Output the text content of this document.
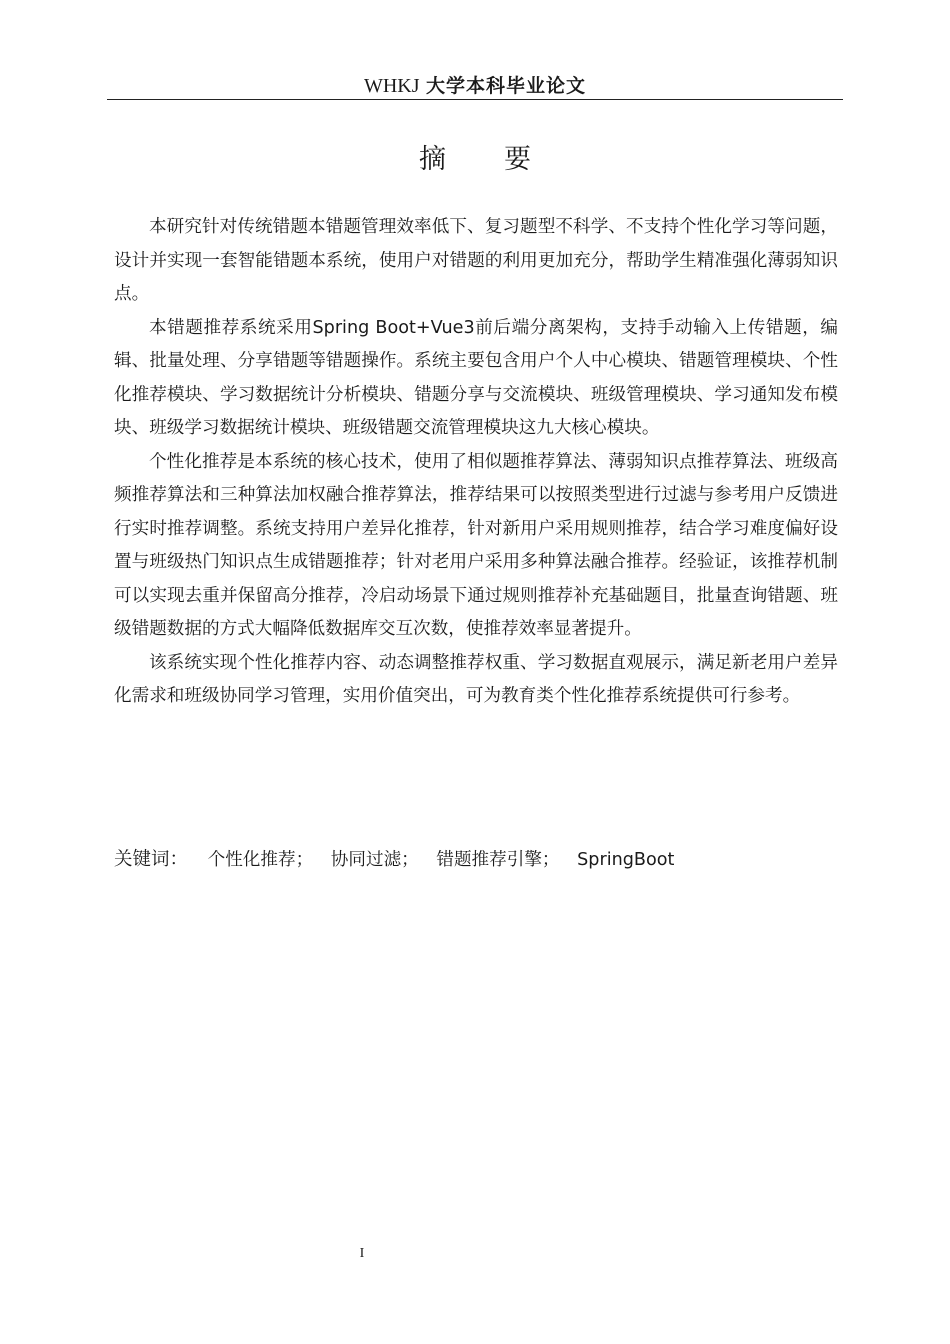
WHKJ 大学本科毕业论文
摘要

本研究针对传统错题本错题管理效率低下、复习题型不科学、不支持个性化学习等问题，设计并实现一套智能错题本系统，使用户对错题的利用更加充分，帮助学生精准强化薄弱知识点。

本错题推荐系统采用Spring Boot+Vue3前后端分离架构，支持手动输入上传错题，编辑、批量处理、分享错题等错题操作。系统主要包含用户个人中心模块、错题管理模块、个性化推荐模块、学习数据统计分析模块、错题分享与交流模块、班级管理模块、学习通知发布模块、班级学习数据统计模块、班级错题交流管理模块这九大核心模块。

个性化推荐是本系统的核心技术，使用了相似题推荐算法、薄弱知识点推荐算法、班级高频推荐算法和三种算法加权融合推荐算法，推荐结果可以按照类型进行过滤与参考用户反馈进行实时推荐调整。系统支持用户差异化推荐，针对新用户采用规则推荐，结合学习难度偏好设置与班级热门知识点生成错题推荐；针对老用户采用多种算法融合推荐。经验证，该推荐机制可以实现去重并保留高分推荐，冷启动场景下通过规则推荐补充基础题目，批量查询错题、班级错题数据的方式大幅降低数据库交互次数，使推荐效率显著提升。

该系统实现个性化推荐内容、动态调整推荐权重、学习数据直观展示，满足新老用户差异化需求和班级协同学习管理，实用价值突出，可为教育类个性化推荐系统提供可行参考。

关键词： 个性化推荐； 协同过滤； 错题推荐引擎； SpringBoot
I
